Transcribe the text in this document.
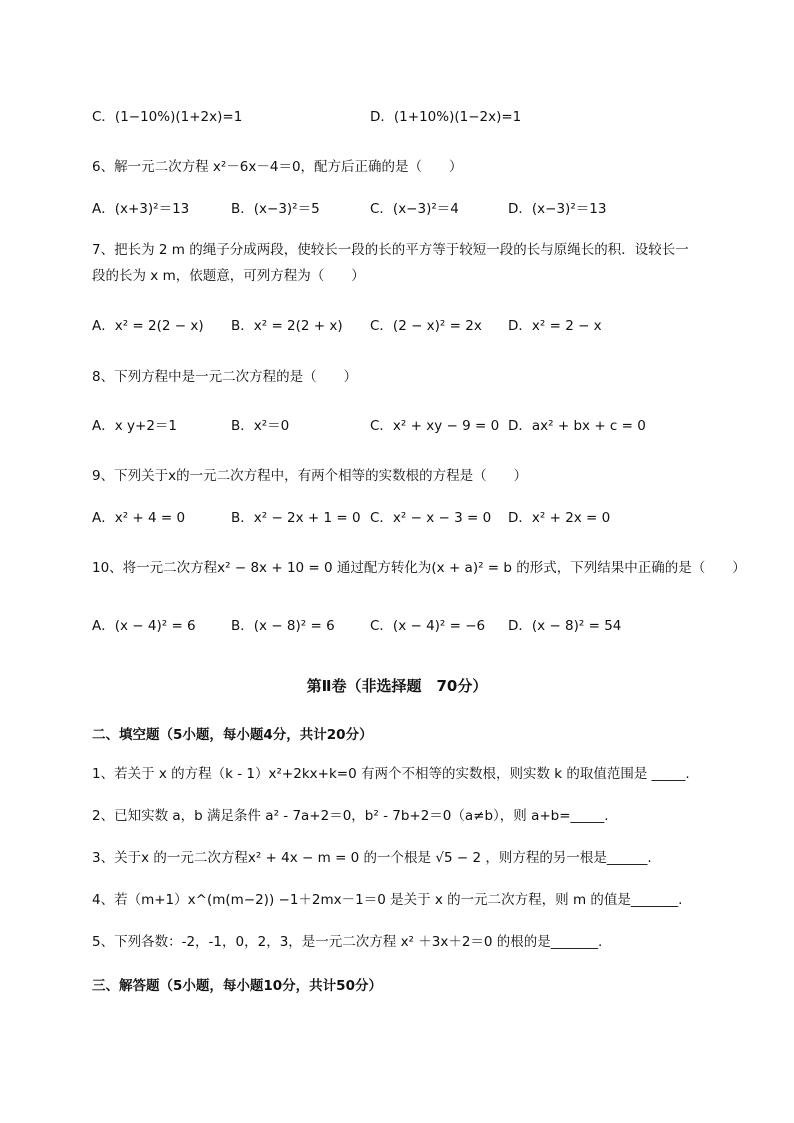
C．(1−10%)(1+2x)=1	D．(1+10%)(1−2x)=1
6、解一元二次方程 x²－6x－4＝0，配方后正确的是（　　）
A．(x+3)²＝13	B．(x−3)²＝5	C．(x−3)²＝4	D．(x−3)²＝13
7、把长为 2 m 的绳子分成两段，使较长一段的长的平方等于较短一段的长与原绳长的积．设较长一
段的长为 x m，依题意，可列方程为（　　）
A．x² = 2(2 − x) B．x² = 2(2 + x) C．(2 − x)² = 2x D．x² = 2 − x
8、下列方程中是一元二次方程的是（　　）
A．x y+2＝1	B．x²＝0	C．x² + xy − 9 = 0 D．ax² + bx + c = 0
9、下列关于x的一元二次方程中，有两个相等的实数根的方程是（　　）
A．x² + 4 = 0	B．x² − 2x + 1 = 0 C．x² − x − 3 = 0 D．x² + 2x = 0
10、将一元二次方程x² − 8x + 10 = 0 通过配方转化为(x + a)² = b 的形式，下列结果中正确的是（　　）
A．(x − 4)² = 6	B．(x − 8)² = 6	C．(x − 4)² = −6 D．(x − 8)² = 54
第Ⅱ卷（非选择题　70分）
二、填空题（5小题，每小题4分，共计20分）
1、若关于 x 的方程（k - 1）x²+2kx+k=0 有两个不相等的实数根，则实数 k 的取值范围是 _____.
2、已知实数 a，b 满足条件 a² - 7a+2＝0，b² - 7b+2＝0（a≠b），则 a+b=_____.
3、关于x 的一元二次方程x² + 4x − m = 0 的一个根是 √5 − 2 ，则方程的另一根是______.
4、若（m+1）x^(m(m−2)) −1＋2mx－1＝0 是关于 x 的一元二次方程，则 m 的值是_______.
5、下列各数：-2，-1，0，2，3，是一元二次方程 x² ＋3x＋2＝0 的根的是_______.
三、解答题（5小题，每小题10分，共计50分）
